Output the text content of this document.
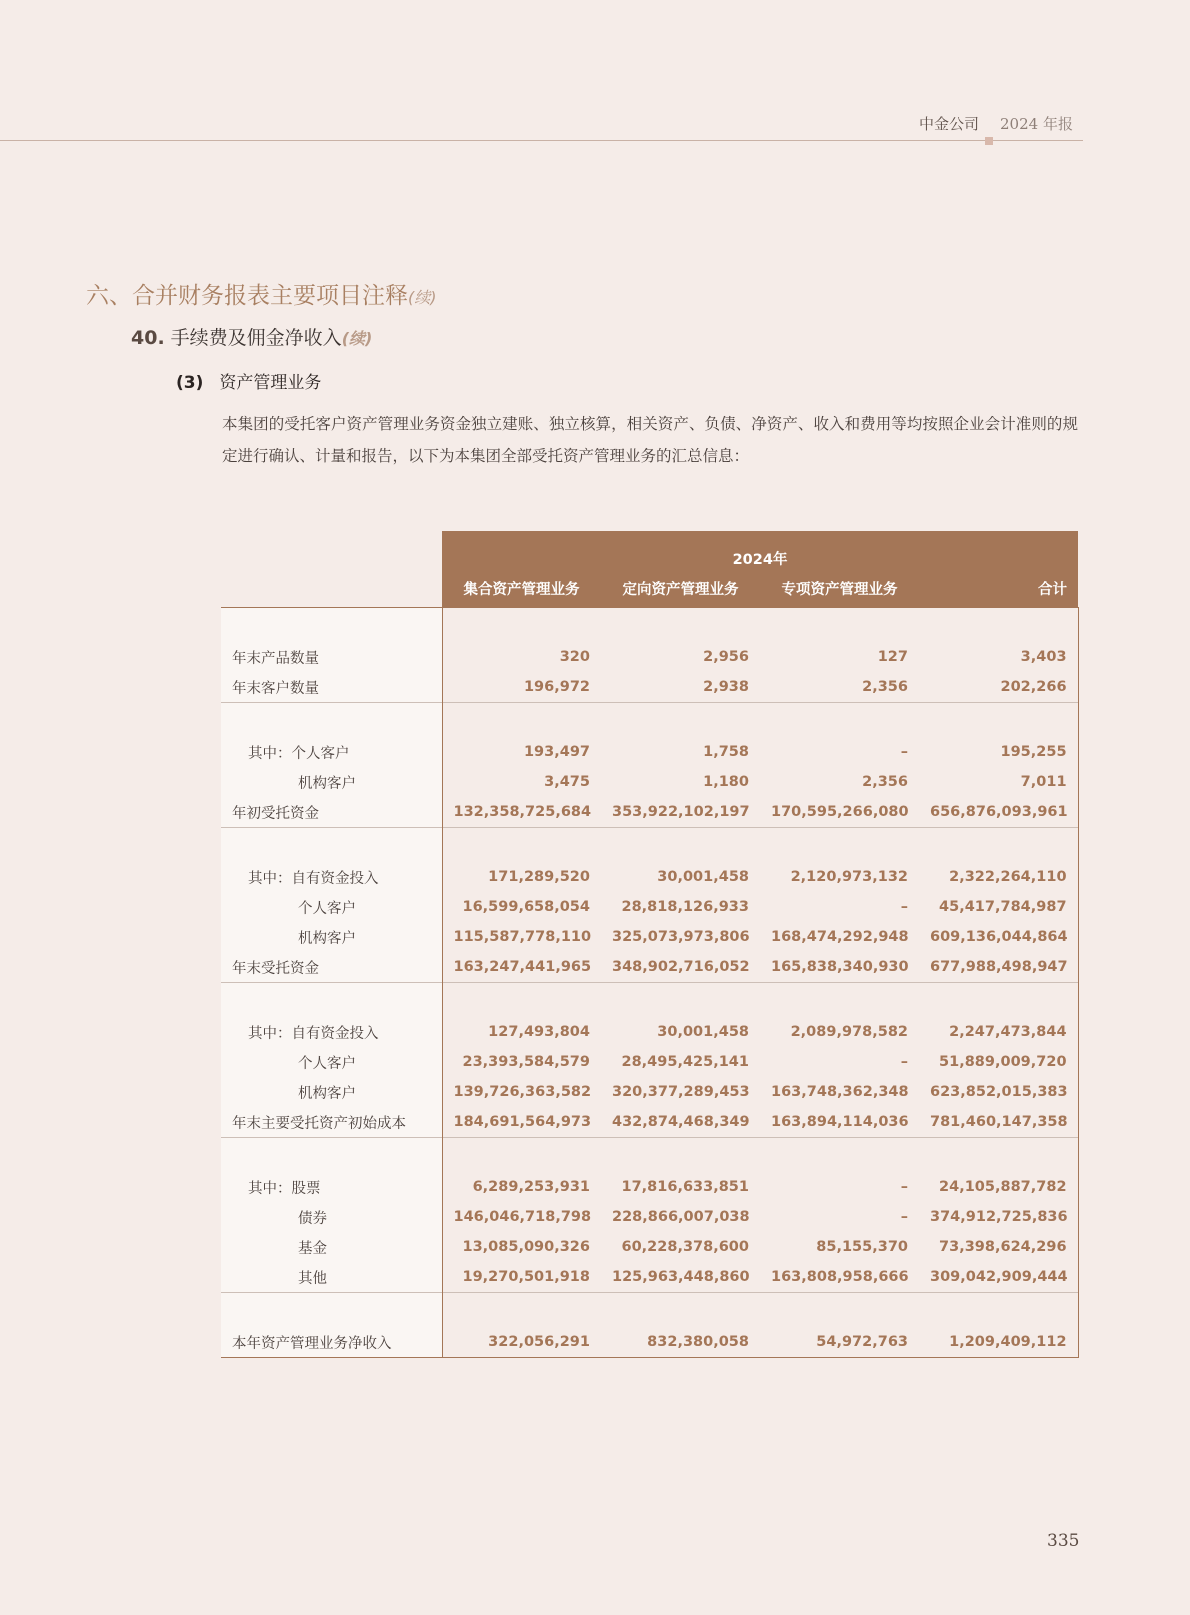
中金公司 2024 年报
六、合并财务报表主要项目注释(续)
40. 手续费及佣金净收入(续)
(3) 资产管理业务
本集团的受托客户资产管理业务资金独立建账、独立核算，相关资产、负债、净资产、收入和费用等均按照企业会计准则的规定进行确认、计量和报告，以下为本集团全部受托资产管理业务的汇总信息：
	2024年			
	集合资产管理业务	定向资产管理业务	专项资产管理业务	合计

年末产品数量	320	2,956	127	3,403
年末客户数量	196,972	2,938	2,356	202,266

其中：个人客户	193,497	1,758	–	195,255
机构客户	3,475	1,180	2,356	7,011
年初受托资金	132,358,725,684	353,922,102,197	170,595,266,080	656,876,093,961

其中：自有资金投入	171,289,520	30,001,458	2,120,973,132	2,322,264,110
个人客户	16,599,658,054	28,818,126,933	–	45,417,784,987
机构客户	115,587,778,110	325,073,973,806	168,474,292,948	609,136,044,864
年末受托资金	163,247,441,965	348,902,716,052	165,838,340,930	677,988,498,947

其中：自有资金投入	127,493,804	30,001,458	2,089,978,582	2,247,473,844
个人客户	23,393,584,579	28,495,425,141	–	51,889,009,720
机构客户	139,726,363,582	320,377,289,453	163,748,362,348	623,852,015,383
年末主要受托资产初始成本	184,691,564,973	432,874,468,349	163,894,114,036	781,460,147,358

其中：股票	6,289,253,931	17,816,633,851	–	24,105,887,782
债券	146,046,718,798	228,866,007,038	–	374,912,725,836
基金	13,085,090,326	60,228,378,600	85,155,370	73,398,624,296
其他	19,270,501,918	125,963,448,860	163,808,958,666	309,042,909,444

本年资产管理业务净收入	322,056,291	832,380,058	54,972,763	1,209,409,112
335
